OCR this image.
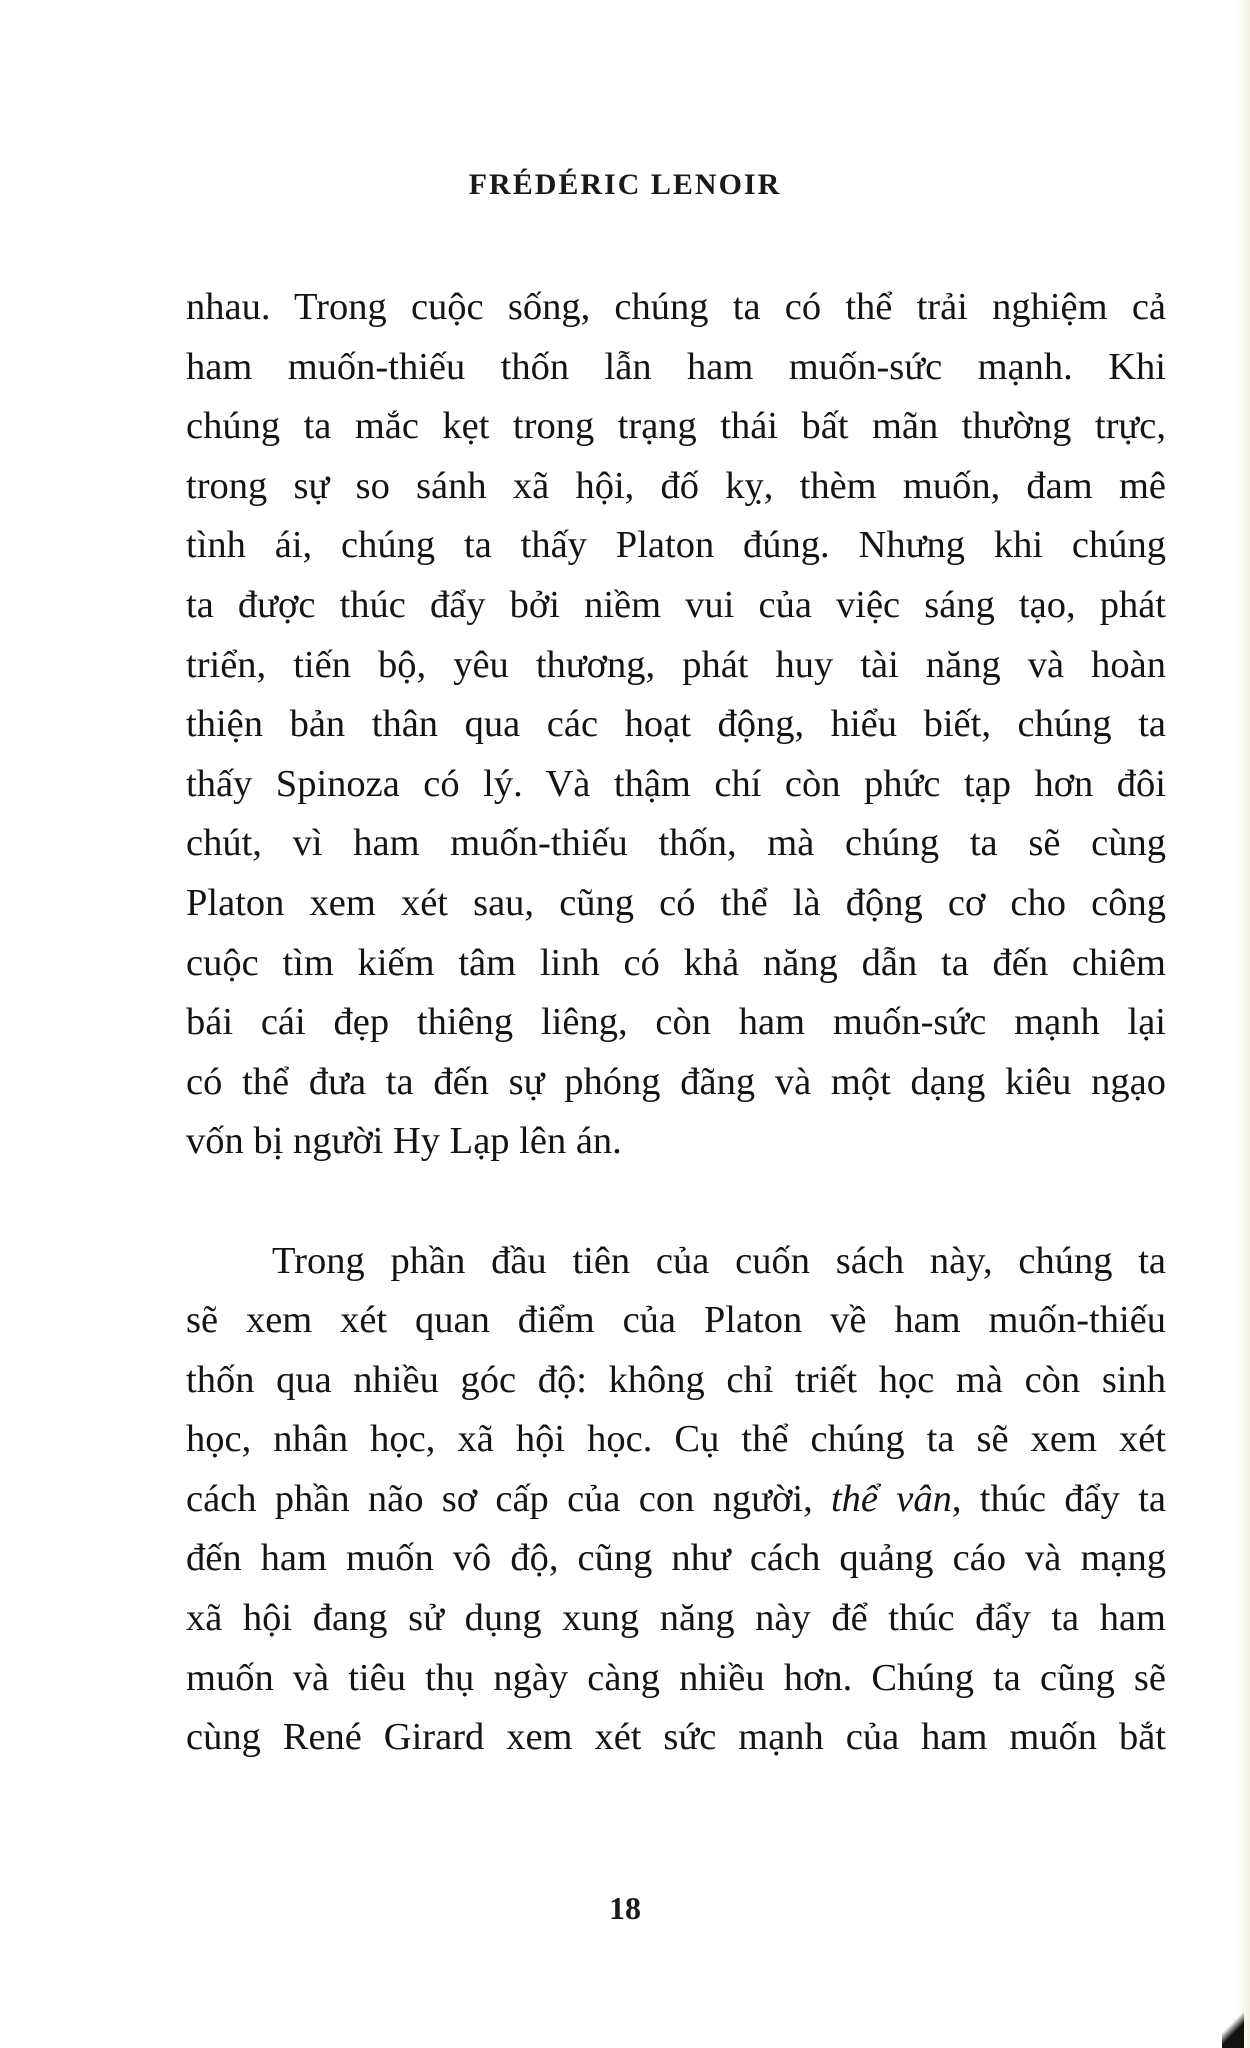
FRÉDÉRIC LENOIR
nhau. Trong cuộc sống, chúng ta có thể trải nghiệm cả
ham muốn-thiếu thốn lẫn ham muốn-sức mạnh. Khi
chúng ta mắc kẹt trong trạng thái bất mãn thường trực,
trong sự so sánh xã hội, đố kỵ, thèm muốn, đam mê
tình ái, chúng ta thấy Platon đúng. Nhưng khi chúng
ta được thúc đẩy bởi niềm vui của việc sáng tạo, phát
triển, tiến bộ, yêu thương, phát huy tài năng và hoàn
thiện bản thân qua các hoạt động, hiểu biết, chúng ta
thấy Spinoza có lý. Và thậm chí còn phức tạp hơn đôi
chút, vì ham muốn-thiếu thốn, mà chúng ta sẽ cùng
Platon xem xét sau, cũng có thể là động cơ cho công
cuộc tìm kiếm tâm linh có khả năng dẫn ta đến chiêm
bái cái đẹp thiêng liêng, còn ham muốn-sức mạnh lại
có thể đưa ta đến sự phóng đãng và một dạng kiêu ngạo
vốn bị người Hy Lạp lên án.
Trong phần đầu tiên của cuốn sách này, chúng ta
sẽ xem xét quan điểm của Platon về ham muốn-thiếu
thốn qua nhiều góc độ: không chỉ triết học mà còn sinh
học, nhân học, xã hội học. Cụ thể chúng ta sẽ xem xét
cách phần não sơ cấp của con người, thể vân, thúc đẩy ta
đến ham muốn vô độ, cũng như cách quảng cáo và mạng
xã hội đang sử dụng xung năng này để thúc đẩy ta ham
muốn và tiêu thụ ngày càng nhiều hơn. Chúng ta cũng sẽ
cùng René Girard xem xét sức mạnh của ham muốn bắt
18
